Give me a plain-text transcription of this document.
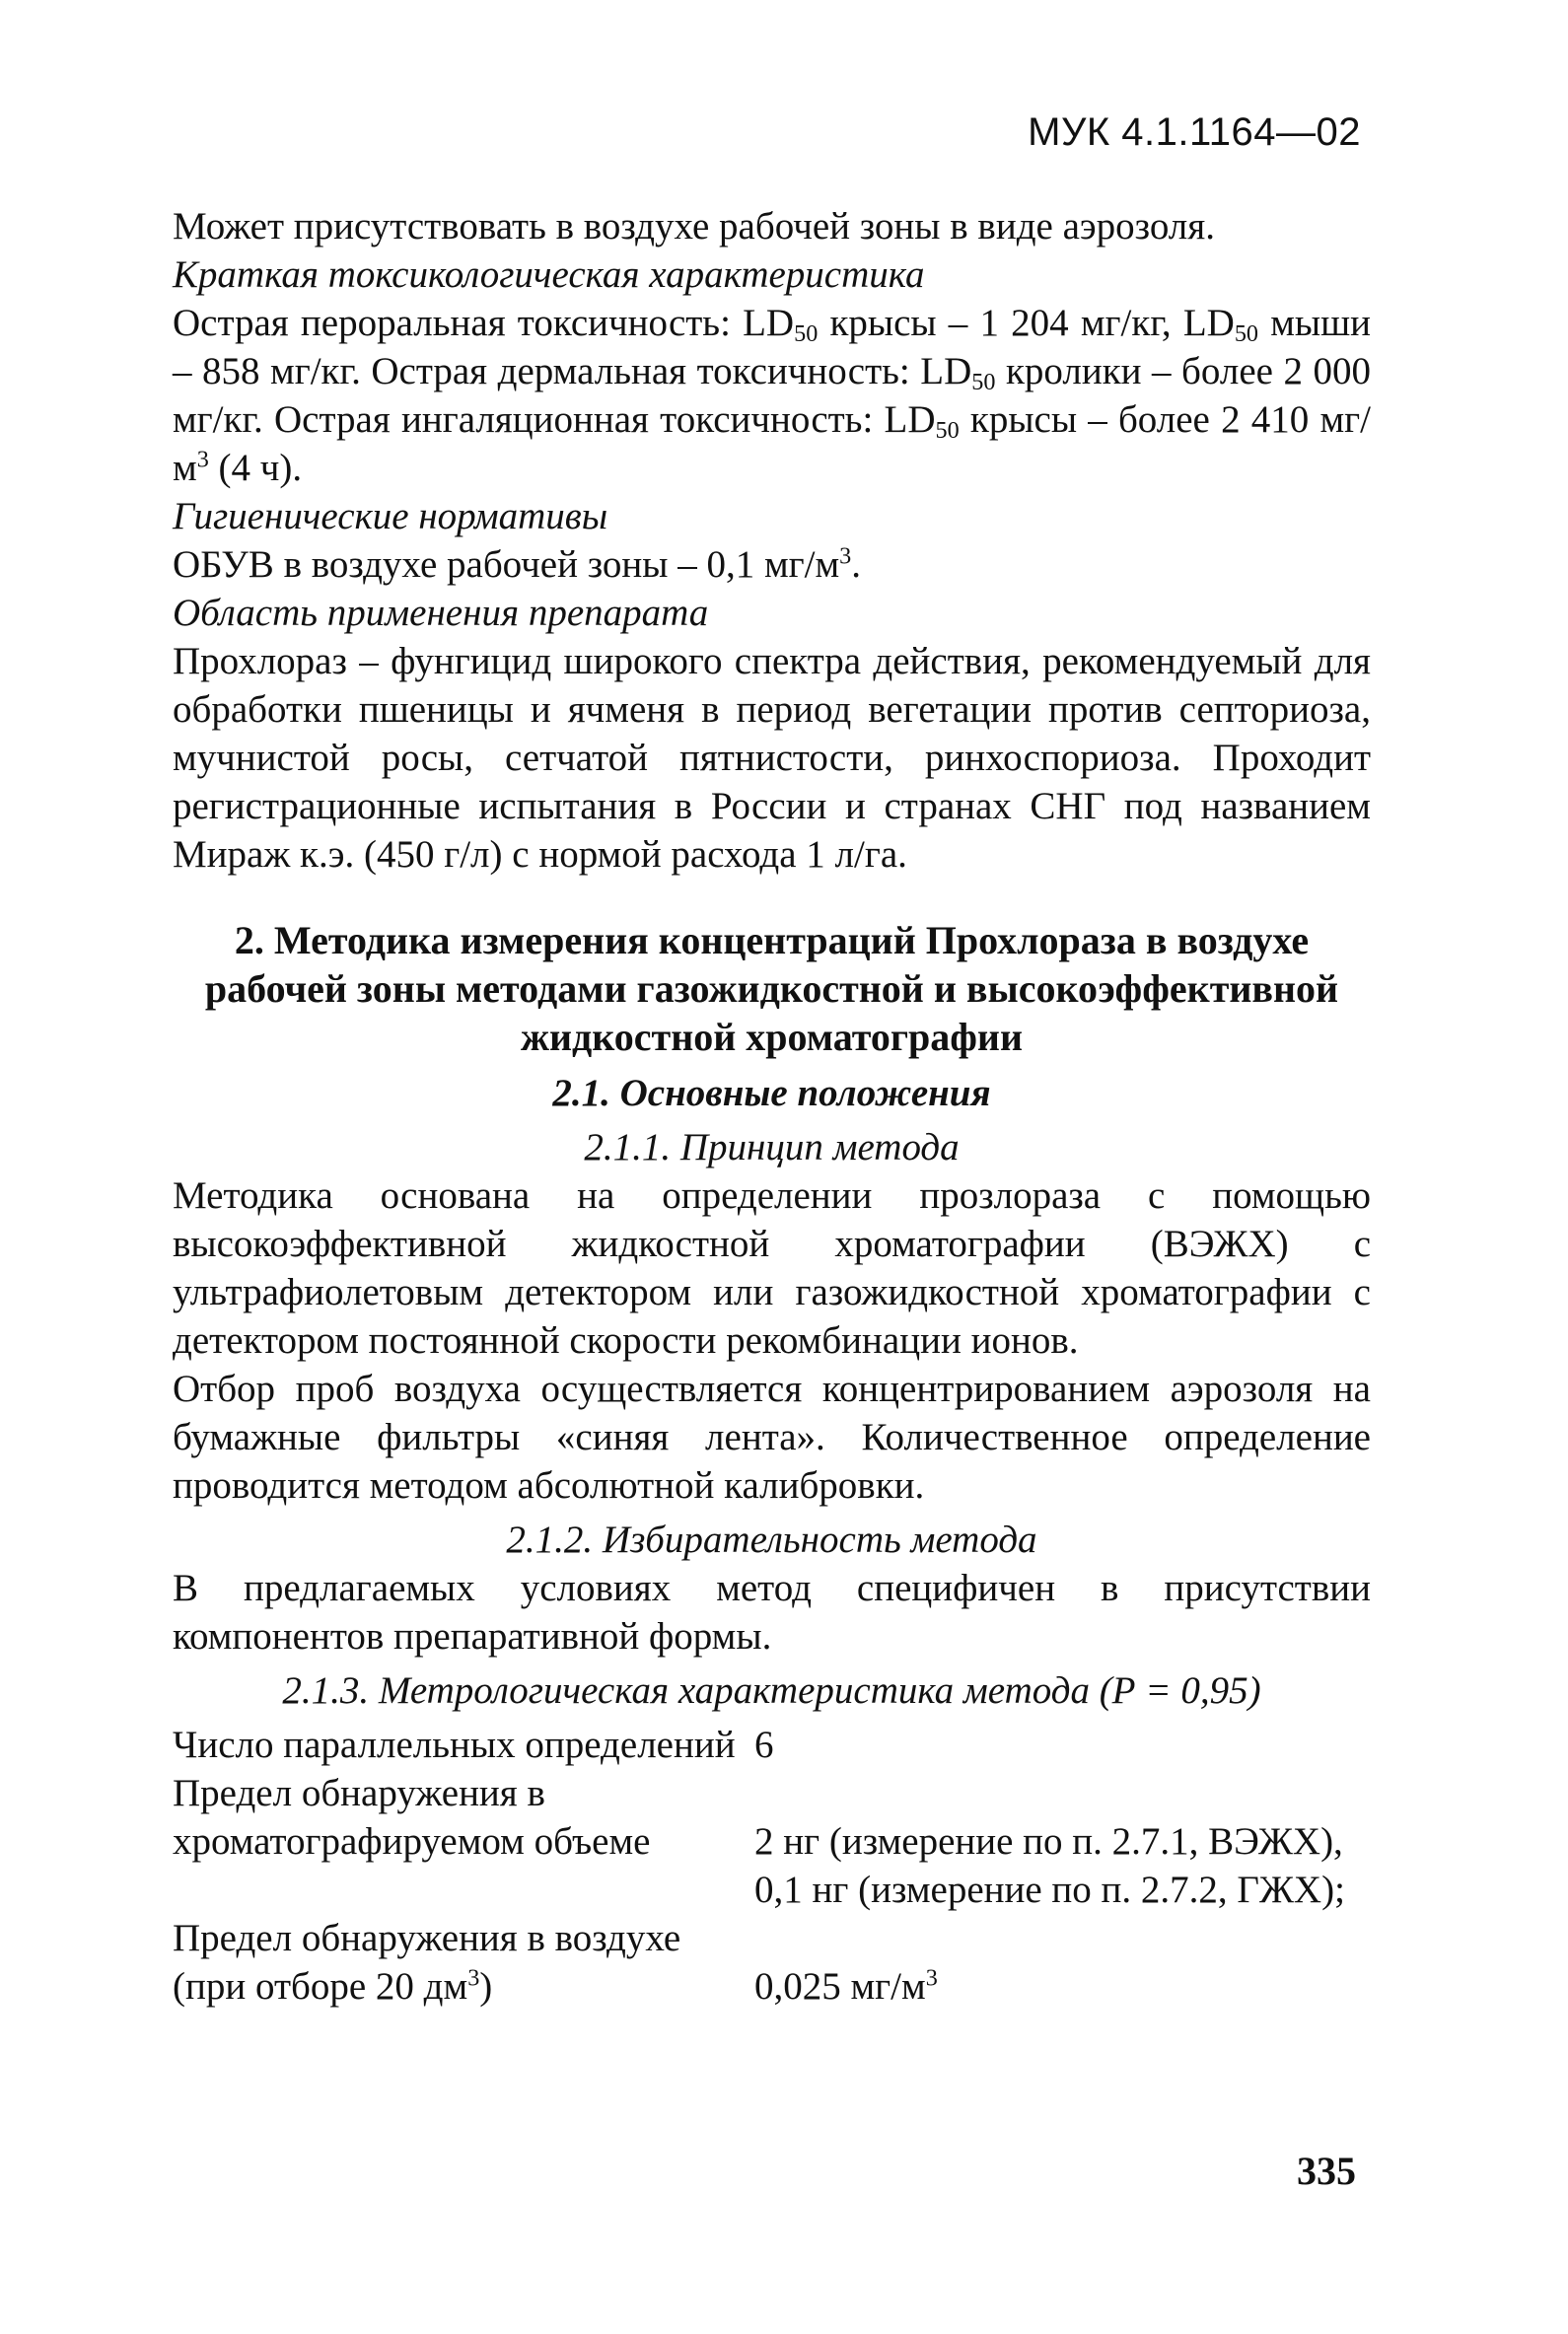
МУК 4.1.1164—02

Может присутствовать в воздухе рабочей зоны в виде аэрозоля.

Краткая токсикологическая характеристика

Острая пероральная токсичность: $LD_{50}$ крысы – 1 204 мг/кг, $LD_{50}$ мыши – 858 мг/кг. Острая дермальная токсичность: $LD_{50}$ кролики – более 2 000 мг/кг. Острая ингаляционная токсичность: $LD_{50}$ крысы – более 2 410 $мг/м^3$ (4 ч).

Гигиенические нормативы

ОБУВ в воздухе рабочей зоны – 0,1 $мг/м^3$.

Область применения препарата

Прохлораз – фунгицид широкого спектра действия, рекомендуемый для обработки пшеницы и ячменя в период вегетации против септориоза, мучнистой росы, сетчатой пятнистости, ринхоспориоза. Проходит регистрационные испытания в России и странах СНГ под названием Мираж к.э. (450 г/л) с нормой расхода 1 л/га.

2. Методика измерения концентраций Прохлораза в воздухе рабочей зоны методами газожидкостной и высокоэффективной жидкостной хроматографии

2.1. Основные положения

2.1.1. Принцип метода

Методика основана на определении прозлораза с помощью высокоэффективной жидкостной хроматографии (ВЭЖХ) с ультрафиолетовым детектором или газожидкостной хроматографии с детектором постоянной скорости рекомбинации ионов.

Отбор проб воздуха осуществляется концентрированием аэрозоля на бумажные фильтры «синяя лента». Количественное определение проводится методом абсолютной калибровки.

2.1.2. Избирательность метода

В предлагаемых условиях метод специфичен в присутствии компонентов препаративной формы.

2.1.3. Метрологическая характеристика метода (Р = 0,95)

Число параллельных определений	6
Предел обнаружения в	
хроматографируемом объеме	2 нг (измерение по п. 2.7.1, ВЭЖХ),
	0,1 нг (измерение по п. 2.7.2, ГЖХ);
Предел обнаружения в воздухе	
(при отборе 20 $дм^3$)	0,025 $мг/м^3$
335
